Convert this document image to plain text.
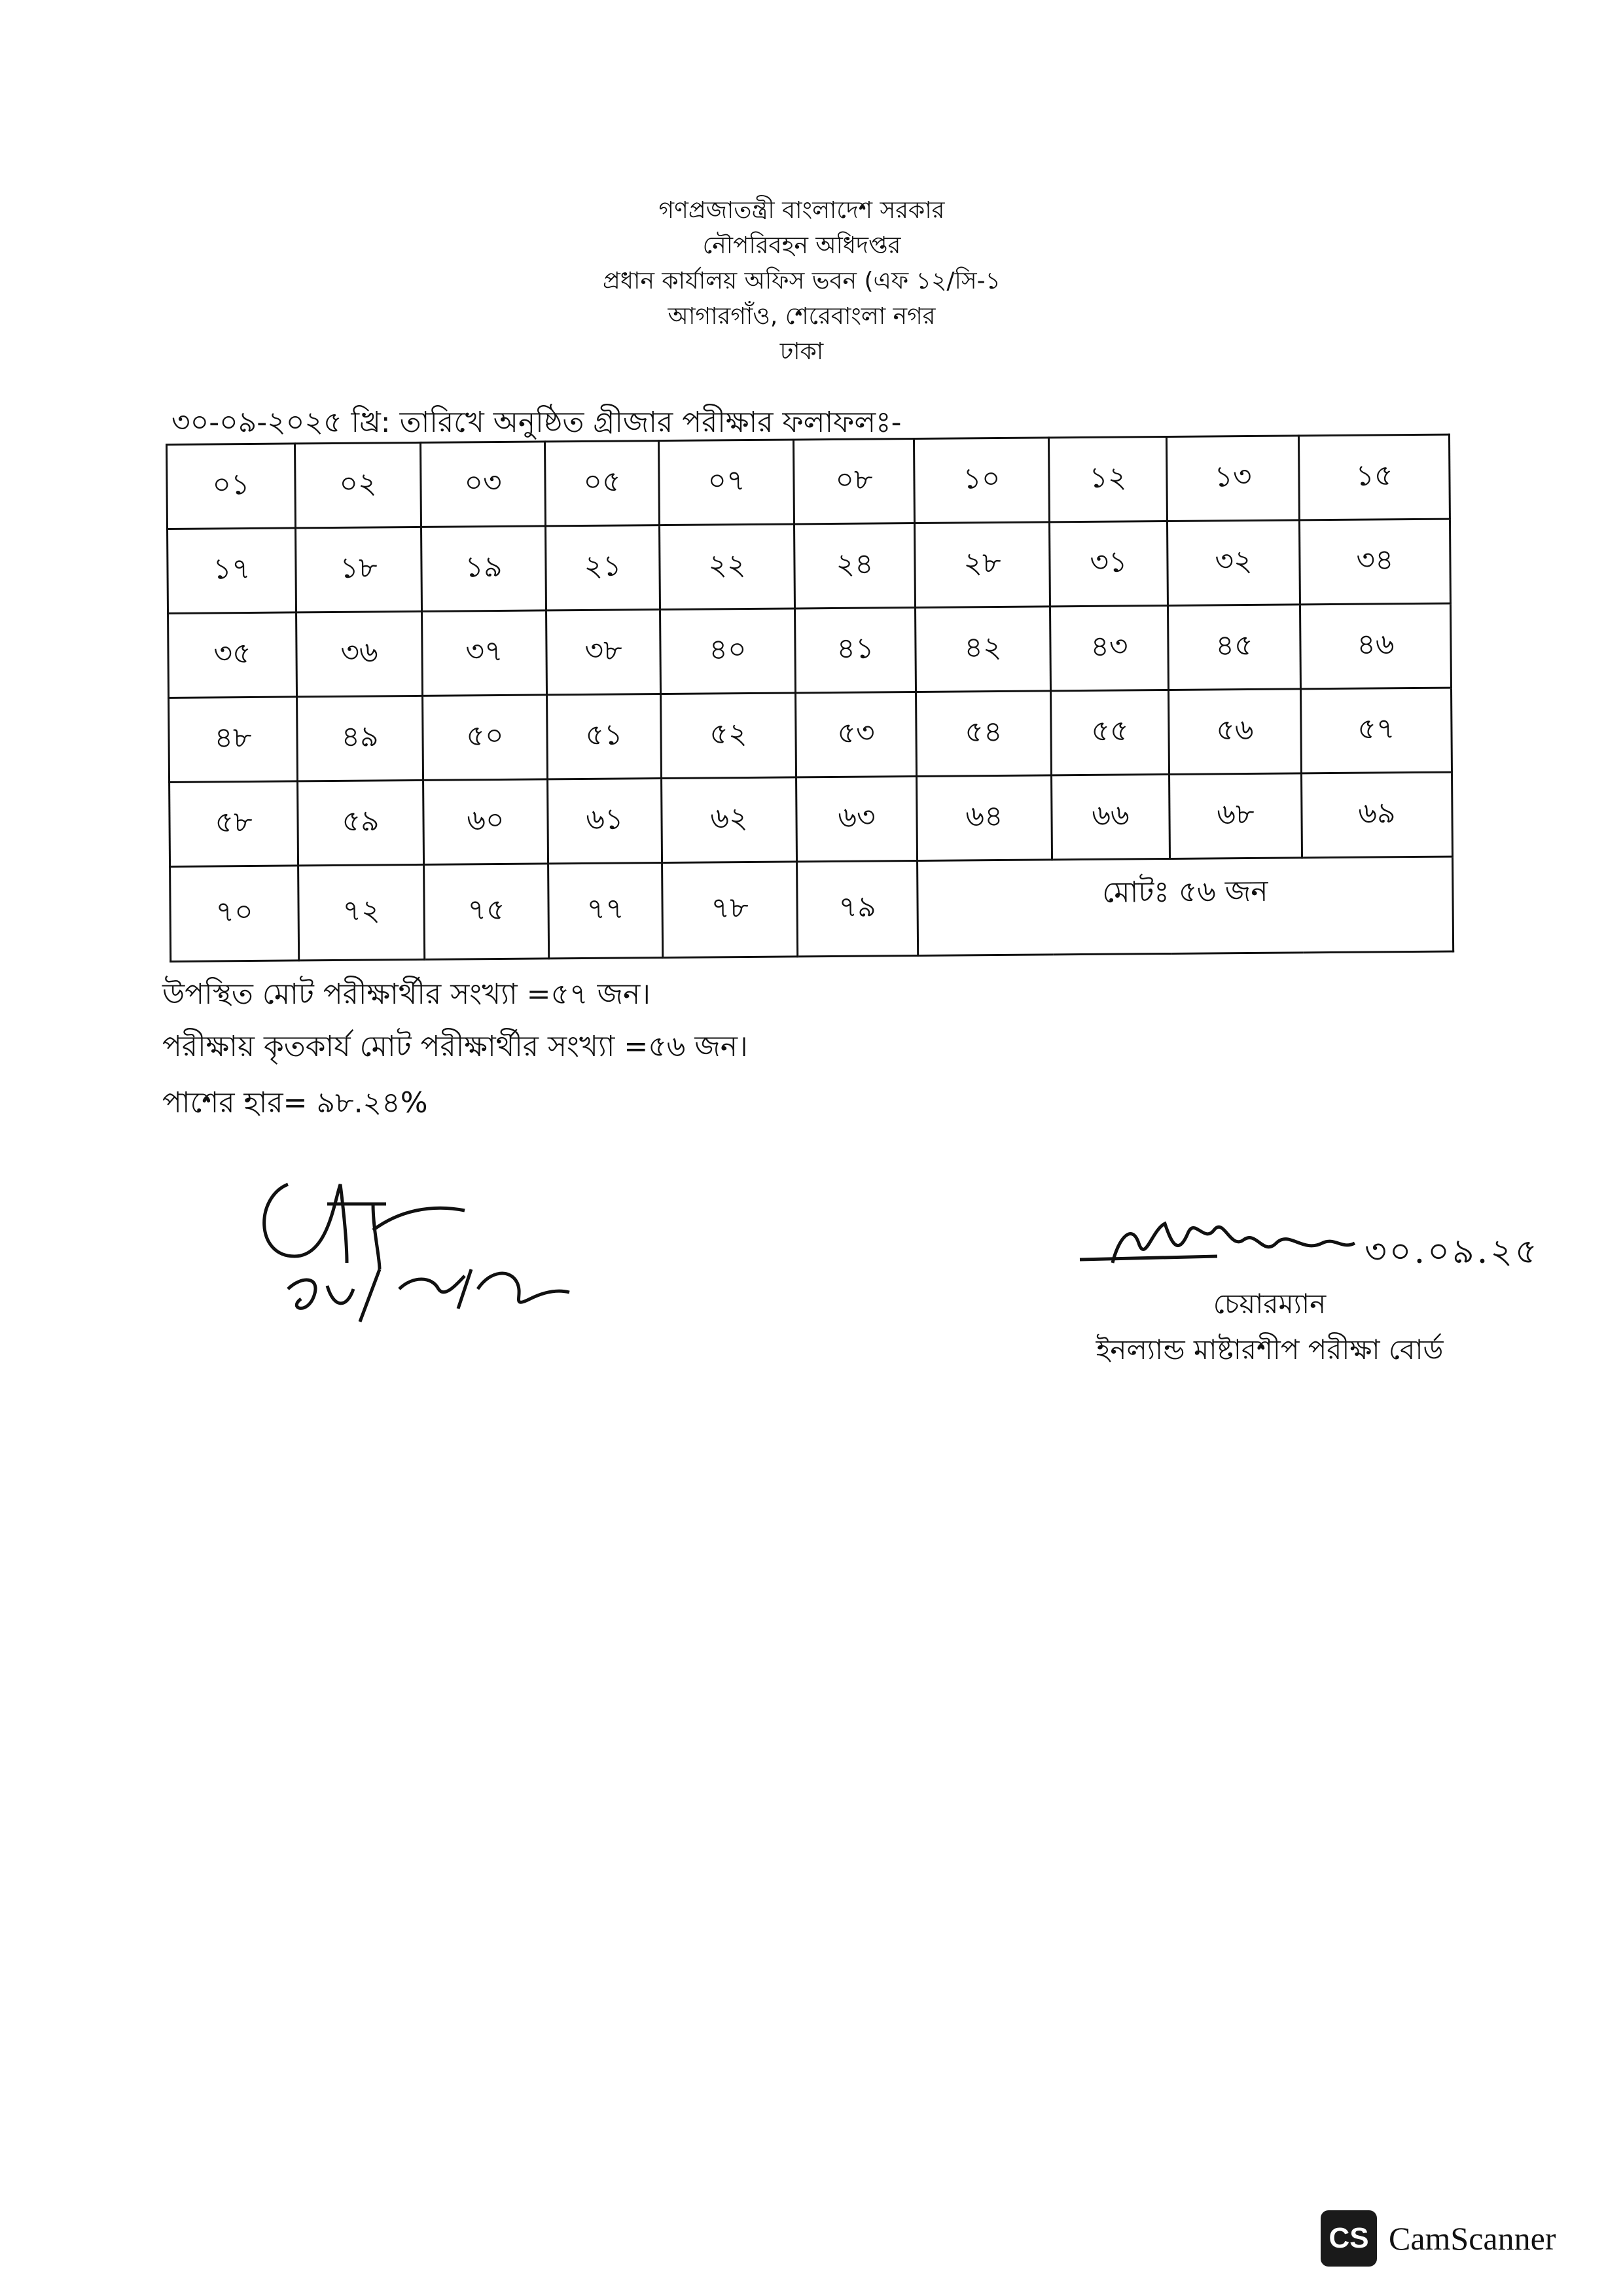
গণপ্রজাতন্ত্রী বাংলাদেশ সরকার
নৌপরিবহন অধিদপ্তর
প্রধান কার্যালয় অফিস ভবন (এফ ১২/সি-১
আগারগাঁও, শেরেবাংলা নগর
ঢাকা
৩০-০৯-২০২৫ খ্রি: তারিখে অনুষ্ঠিত গ্রীজার পরীক্ষার ফলাফলঃ-
০১	০২	০৩	০৫	০৭	০৮	১০	১২	১৩	১৫
১৭	১৮	১৯	২১	২২	২৪	২৮	৩১	৩২	৩৪
৩৫	৩৬	৩৭	৩৮	৪০	৪১	৪২	৪৩	৪৫	৪৬
৪৮	৪৯	৫০	৫১	৫২	৫৩	৫৪	৫৫	৫৬	৫৭
৫৮	৫৯	৬০	৬১	৬২	৬৩	৬৪	৬৬	৬৮	৬৯
৭০	৭২	৭৫	৭৭	৭৮	৭৯	মোটঃ ৫৬ জন			
উপস্থিত মোট পরীক্ষার্থীর সংখ্যা =৫৭ জন।
পরীক্ষায় কৃতকার্য মোট পরীক্ষার্থীর সংখ্যা =৫৬ জন।
পাশের হার= ৯৮.২৪%
৩০.০৯.২৫
চেয়ারম্যান
ইনল্যান্ড মাষ্টারশীপ পরীক্ষা বোর্ড
CS CamScanner
